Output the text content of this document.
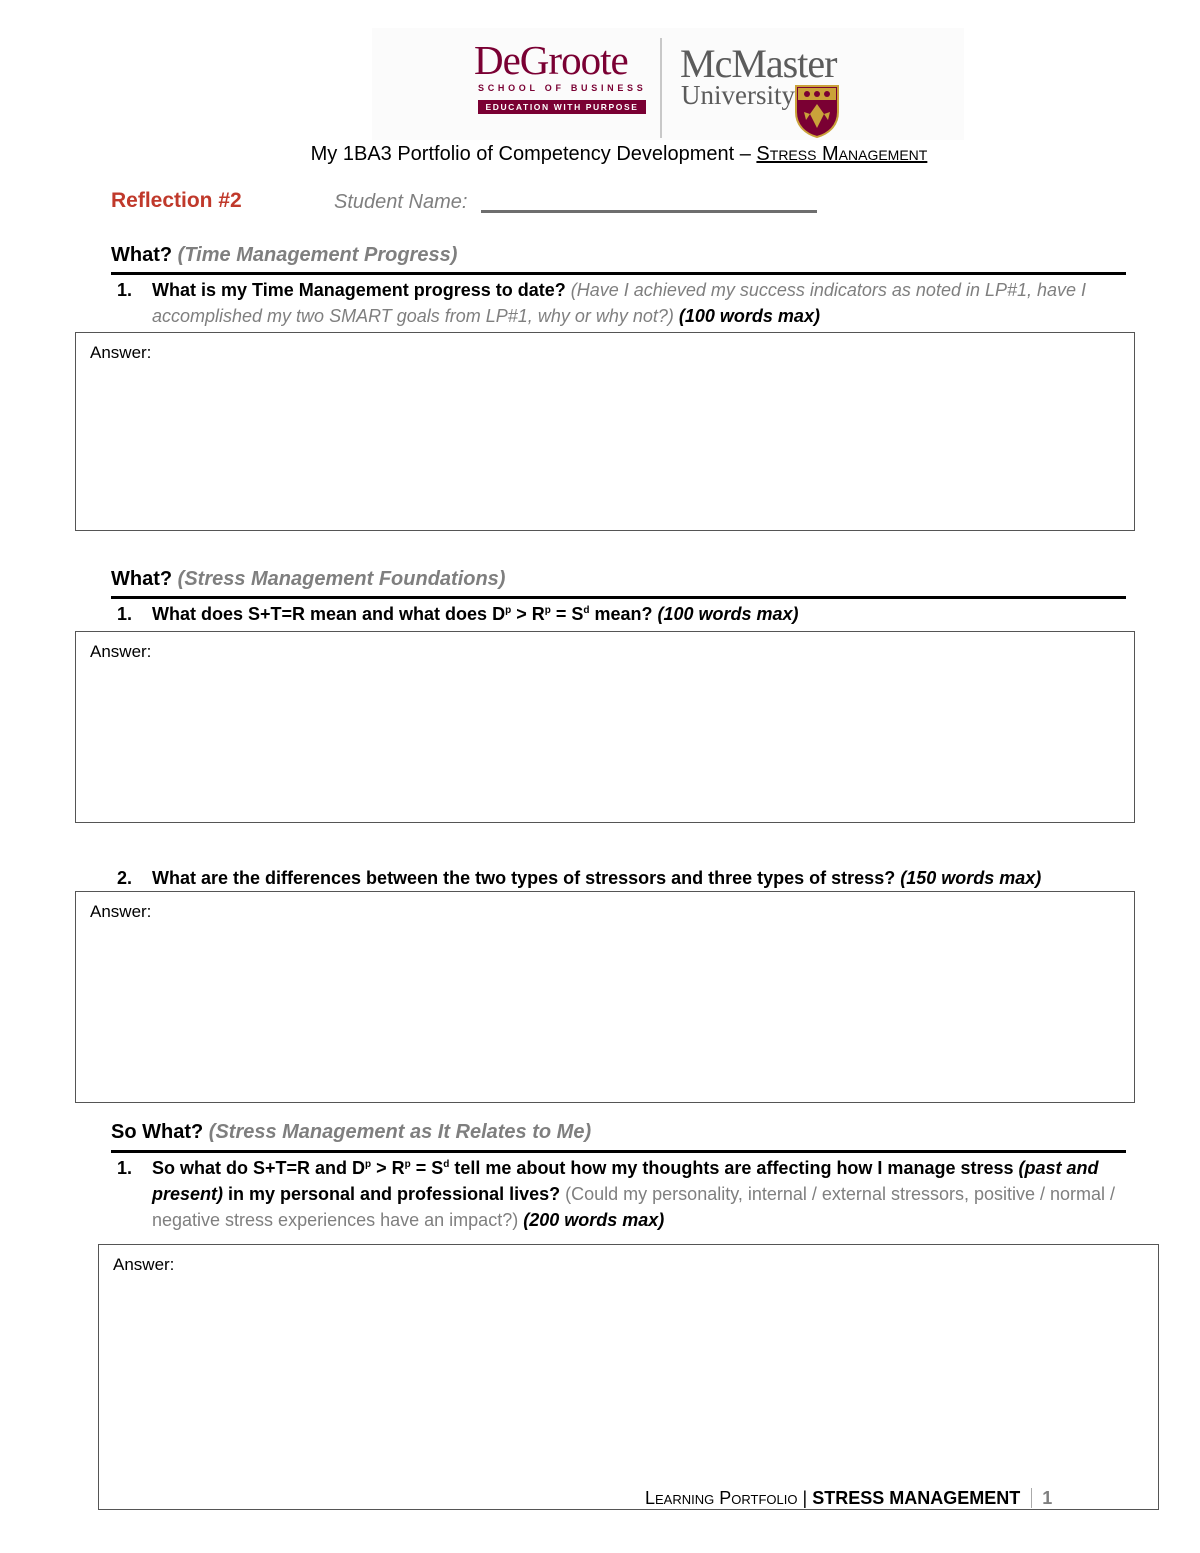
DeGroote
SCHOOL OF BUSINESS
EDUCATION WITH PURPOSE
McMaster
University
My 1BA3 Portfolio of Competency Development – Stress Management
Reflection #2	Student Name:
What? (Time Management Progress)
1. What is my Time Management progress to date? (Have I achieved my success indicators as noted in LP#1, have I accomplished my two SMART goals from LP#1, why or why not?) (100 words max)
Answer:
What? (Stress Management Foundations)
1. What does S+T=R mean and what does $D^p > R^p = S^d$ mean? (100 words max)
Answer:
2. What are the differences between the two types of stressors and three types of stress? (150 words max)
Answer:
So What? (Stress Management as It Relates to Me)
1. So what do S+T=R and $D^p > R^p = S^d$ tell me about how my thoughts are affecting how I manage stress (past and present) in my personal and professional lives? (Could my personality, internal / external stressors, positive / normal / negative stress experiences have an impact?) (200 words max)
Answer:
Learning Portfolio | STRESS MANAGEMENT 1
